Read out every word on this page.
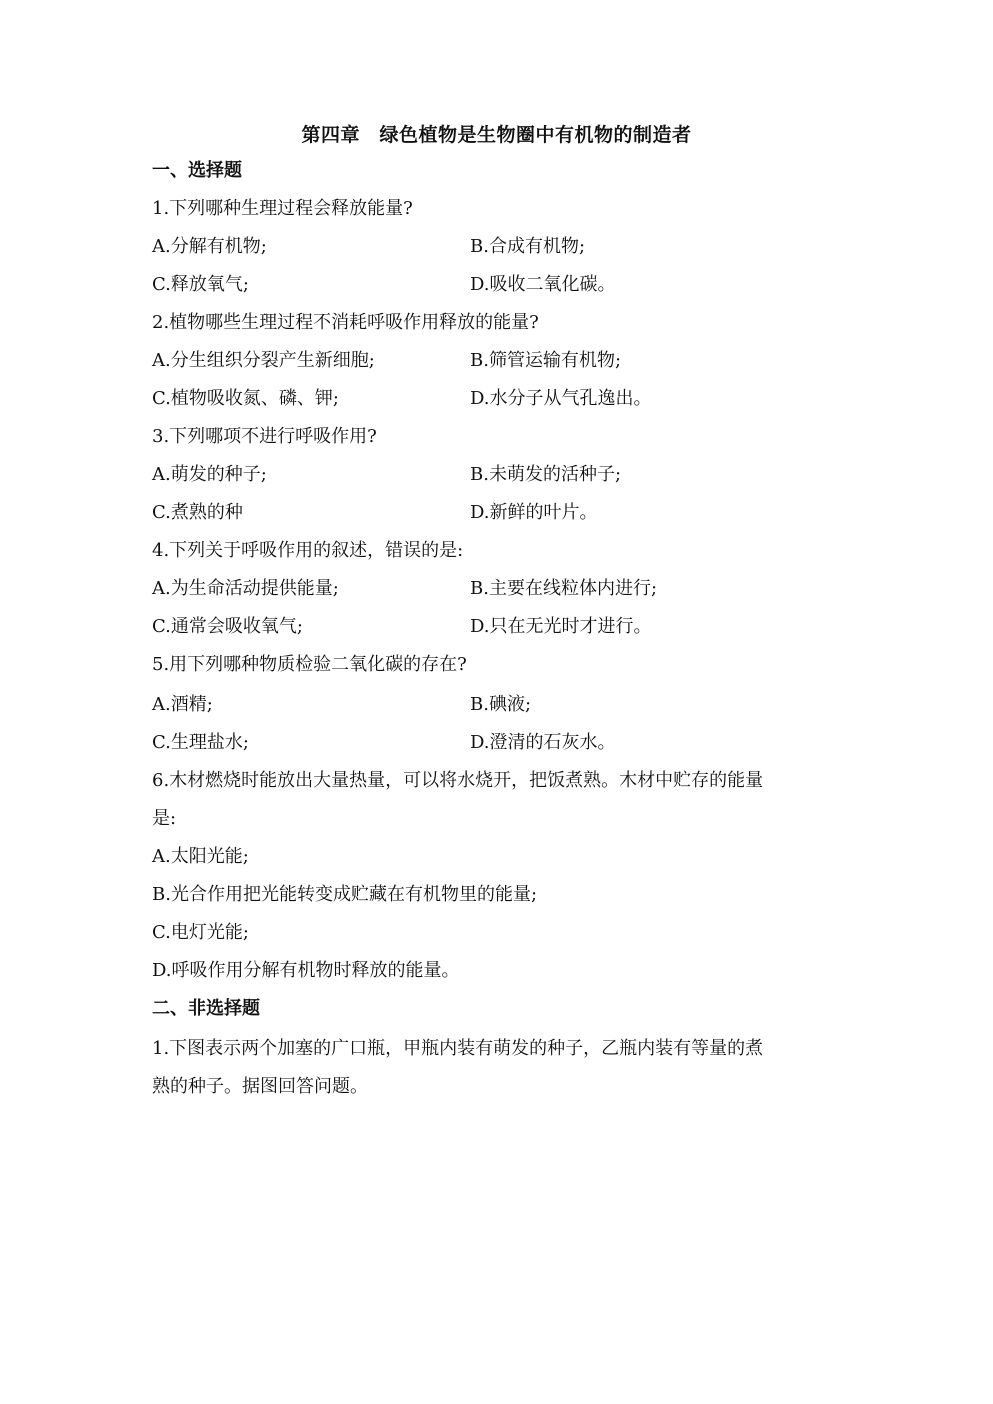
第四章　绿色植物是生物圈中有机物的制造者
一、选择题
1.下列哪种生理过程会释放能量?
A.分解有机物;	B.合成有机物;
C.释放氧气;	D.吸收二氧化碳。
2.植物哪些生理过程不消耗呼吸作用释放的能量?
A.分生组织分裂产生新细胞;	B.筛管运输有机物;
C.植物吸收氮、磷、钾;	D.水分子从气孔逸出。
3.下列哪项不进行呼吸作用?
A.萌发的种子;	B.未萌发的活种子;
C.煮熟的种	D.新鲜的叶片。
4.下列关于呼吸作用的叙述，错误的是:
A.为生命活动提供能量;	B.主要在线粒体内进行;
C.通常会吸收氧气;	D.只在无光时才进行。
5.用下列哪种物质检验二氧化碳的存在?
A.酒精;	B.碘液;
C.生理盐水;	D.澄清的石灰水。
6.木材燃烧时能放出大量热量，可以将水烧开，把饭煮熟。木材中贮存的能量
是:
A.太阳光能;
B.光合作用把光能转变成贮藏在有机物里的能量;
C.电灯光能;
D.呼吸作用分解有机物时释放的能量。
二、非选择题
1.下图表示两个加塞的广口瓶，甲瓶内装有萌发的种子，乙瓶内装有等量的煮
熟的种子。据图回答问题。
